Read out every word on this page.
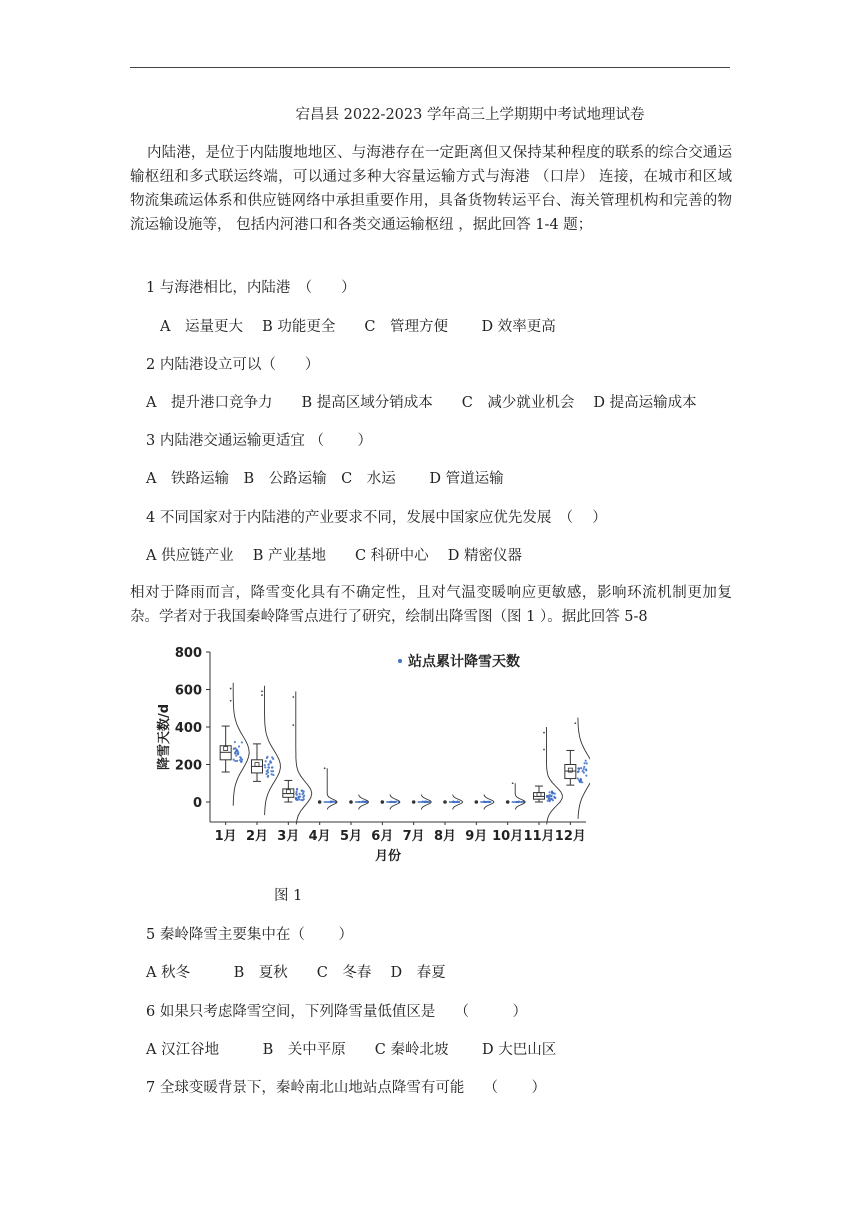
宕昌县 2022-2023 学年高三上学期期中考试地理试卷
内陆港，是位于内陆腹地地区、与海港存在一定距离但又保持某种程度的联系的综合交通运输枢纽和多式联运终端，可以通过多种大容量运输方式与海港 （口岸） 连接，在城市和区域物流集疏运体系和供应链网络中承担重要作用，具备货物转运平台、海关管理机构和完善的物流运输设施等， 包括内河港口和各类交通运输枢纽 ，据此回答 1-4 题；
1 与海港相比，内陆港　（　　）
A　运量更大　 B 功能更全　　C　管理方便　　 D 效率更高
2 内陆港设立可以（　　）
A　提升港口竞争力　　B 提高区域分销成本　　C　减少就业机会　 D 提高运输成本
3 内陆港交通运输更适宜 （　　 ）
A　铁路运输　B　公路运输　C　水运　　 D 管道运输
4 不同国家对于内陆港的产业要求不同，发展中国家应优先发展　（　 ）
A 供应链产业　 B 产业基地　　C 科研中心　 D 精密仪器
相对于降雨而言，降雪变化具有不确定性，且对气温变暖响应更敏感，影响环流机制更加复杂。学者对于我国秦岭降雪点进行了研究，绘制出降雪图（图 1 ）。据此回答 5-8
0
200
400
600
800
降雪天数/d
站点累计降雪天数
1月 2月 3月 4月 5月 6月 7月 8月 9月 10月 11月 12月
月份
图 1
5 秦岭降雪主要集中在（　　 ）
A 秋冬　　　B　夏秋　　C　冬春　 D　春夏
6 如果只考虑降雪空间，下列降雪量低值区是　 （　　　）
A 汉江谷地　　　B　关中平原　　C 秦岭北坡　　 D 大巴山区
7 全球变暖背景下，秦岭南北山地站点降雪有可能　 （　　 ）
